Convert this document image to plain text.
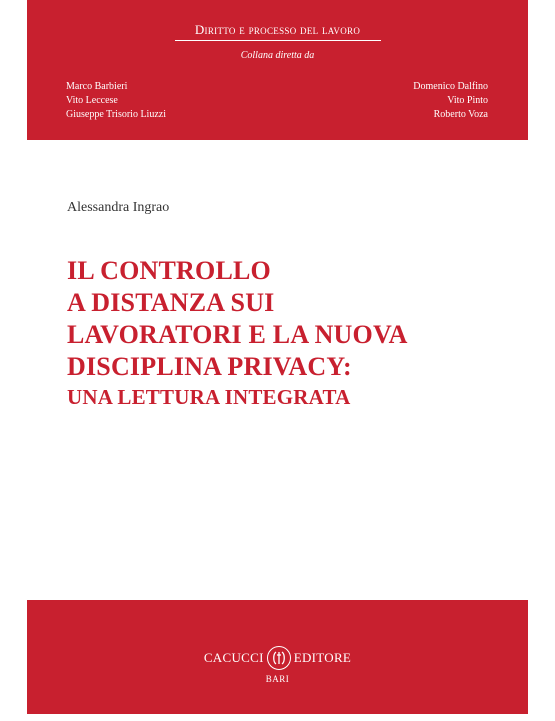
Diritto e processo del lavoro
Collana diretta da
Marco Barbieri
Vito Leccese
Giuseppe Trisorio Liuzzi
Domenico Dalfino
Vito Pinto
Roberto Voza
Alessandra Ingrao
IL CONTROLLO
A DISTANZA SUI
LAVORATORI E LA NUOVA
DISCIPLINA PRIVACY:
UNA LETTURA INTEGRATA
CACUCCI EDITORE
BARI
